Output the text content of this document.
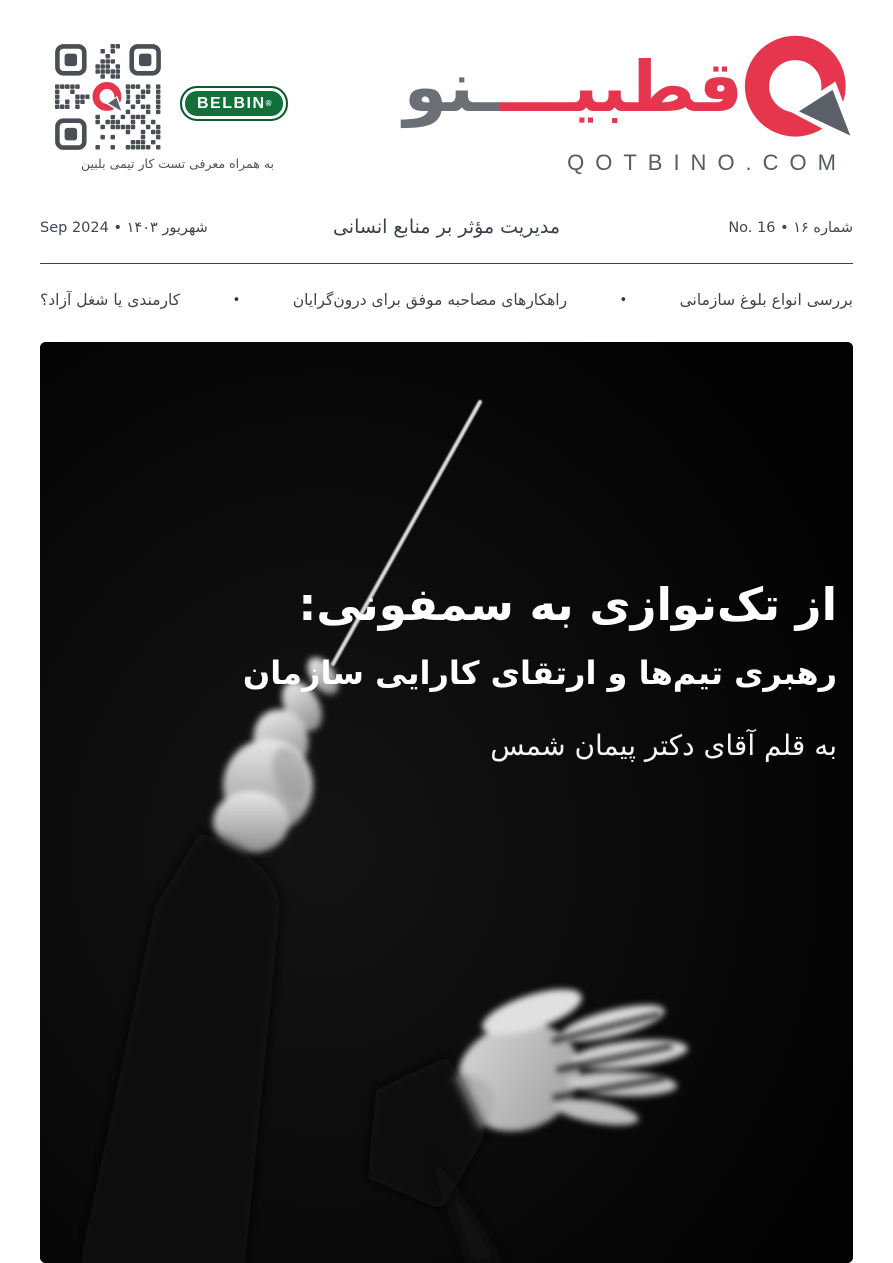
BELBIN®
به همراه معرفی تست کار تیمی بلبین
قطبيــــنو
QOTBINO.COM
مدیریت مؤثر بر منابع انسانی	شماره ۱۶ • No. 16
Sep 2024 • شهریور ۱۴۰۳
بررسی انواع بلوغ سازمانی
•
راهکارهای مصاحبه موفق برای درون‌گرایان
•
کارمندی یا شغل آزاد؟
از تک‌نوازی به سمفونی:
رهبری تیم‌ها و ارتقای کارایی سازمان

به قلم آقای دکتر پیمان شمس
